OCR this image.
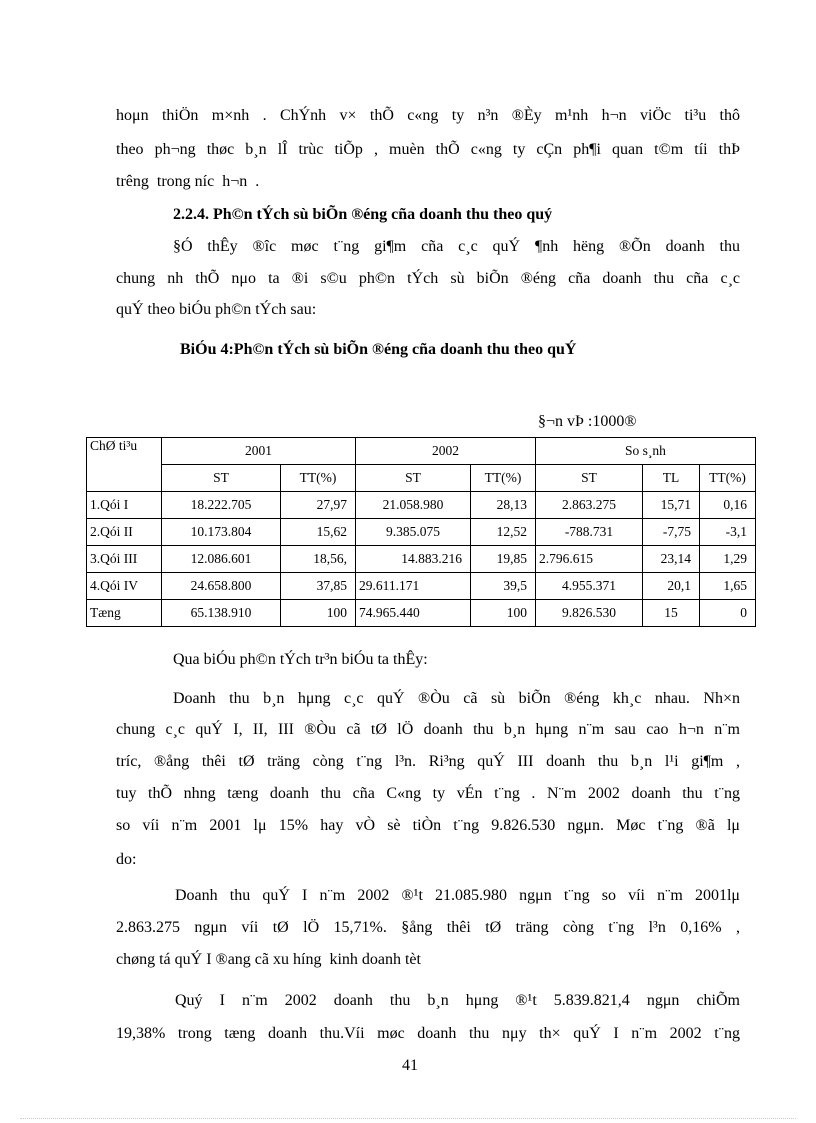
hoμn thiÖn m×nh . ChÝnh v× thÕ c«ng ty n³n ®Èy m¹nh h¬n viÖc ti³u thô
theo ph¬ng thøc b¸n lÎ trùc tiÕp , muèn thÕ c«ng ty cÇn ph¶i quan t©m tíi thÞ
trêng  trong níc  h¬n  .
2.2.4. Ph©n tÝch sù biÕn ®éng cña doanh thu theo quý
§Ó thÊy ®îc møc t¨ng gi¶m cña c¸c quÝ ¶nh hëng ®Õn doanh thu
chung nh thÕ nμo ta ®i s©u ph©n tÝch sù biÕn ®éng cña doanh thu cña c¸c
quÝ theo biÓu ph©n tÝch sau:
BiÓu 4:Ph©n tÝch sù biÕn ®éng cña doanh thu theo quÝ
§¬n vÞ :1000®
ChØ ti³u	2001		2002		So s¸nh		
	ST	TT(%)	ST	TT(%)	ST	TL	TT(%)
1.Qói I	18.222.705	27,97	21.058.980	28,13	2.863.275	15,71	0,16
2.Qói II	10.173.804	15,62	9.385.075	12,52	-788.731	-7,75	-3,1
3.Qói III	12.086.601	18,56,	14.883.216	19,85	2.796.615	23,14	1,29
4.Qói IV	24.658.800	37,85	29.611.171	39,5	4.955.371	20,1	1,65
Tæng	65.138.910	100	74.965.440	100	9.826.530	15	0
Qua biÓu ph©n tÝch tr³n biÓu ta thÊy:
Doanh thu b¸n hμng c¸c quÝ ®Òu cã sù biÕn ®éng kh¸c nhau. Nh×n
chung c¸c quÝ I, II, III ®Òu cã tØ lÖ doanh thu b¸n hμng n¨m sau cao h¬n n¨m
tríc, ®ång thêi tØ träng còng t¨ng l³n. Ri³ng quÝ III doanh thu b¸n l¹i gi¶m ,
tuy thÕ nhng tæng doanh thu cña C«ng ty vÉn t¨ng . N¨m 2002 doanh thu t¨ng
so víi n¨m 2001 lμ 15% hay vÒ sè tiÒn t¨ng 9.826.530 ngμn. Møc t¨ng ®ã lμ
do:
Doanh thu quÝ I n¨m 2002 ®¹t 21.085.980 ngμn t¨ng so víi n¨m 2001lμ
2.863.275 ngμn víi tØ lÖ 15,71%. §ång thêi tØ träng còng t¨ng l³n 0,16% ,
chøng tá quÝ I ®ang cã xu híng  kinh doanh tèt
Quý I n¨m 2002 doanh thu b¸n hμng ®¹t 5.839.821,4 ngμn chiÕm
19,38% trong tæng doanh thu.Víi møc doanh thu nμy th× quÝ I n¨m 2002 t¨ng
41
